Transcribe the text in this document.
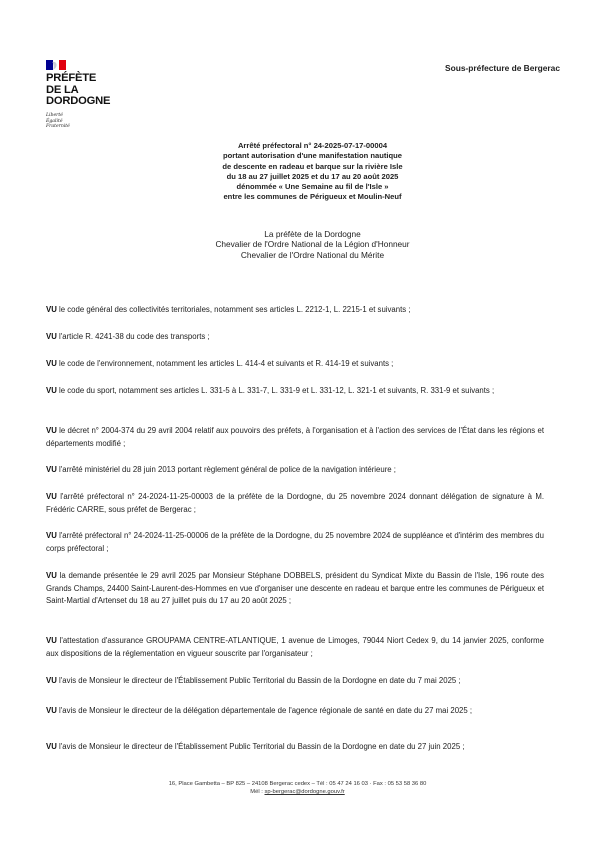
PRÉFÈTE
DE LA
DORDOGNE
Liberté
Égalité
Fraternité
Sous-préfecture de Bergerac
Arrêté préfectoral n° 24-2025-07-17-00004
portant autorisation d'une manifestation nautique
de descente en radeau et barque sur la rivière Isle
du 18 au 27 juillet 2025 et du 17 au 20 août 2025
dénommée « Une Semaine au fil de l'Isle »
entre les communes de Périgueux et Moulin-Neuf
La préfète de la Dordogne
Chevalier de l'Ordre National de la Légion d'Honneur
Chevalier de l'Ordre National du Mérite
VU le code général des collectivités territoriales, notamment ses articles L. 2212-1, L. 2215-1 et suivants ;
VU l'article R. 4241-38 du code des transports ;
VU le code de l'environnement, notamment les articles L. 414-4 et suivants et R. 414-19 et suivants ;
VU le code du sport, notamment ses articles L. 331-5 à L. 331-7, L. 331-9 et L. 331-12, L. 321-1 et suivants, R. 331-9 et suivants ;
VU le décret n° 2004-374 du 29 avril 2004 relatif aux pouvoirs des préfets, à l'organisation et à l'action des services de l'État dans les régions et départements modifié ;
VU l'arrêté ministériel du 28 juin 2013 portant règlement général de police de la navigation intérieure ;
VU l'arrêté préfectoral n° 24-2024-11-25-00003 de la préfète de la Dordogne, du 25 novembre 2024 donnant délégation de signature à M. Frédéric CARRE, sous préfet de Bergerac ;
VU l'arrêté préfectoral n° 24-2024-11-25-00006 de la préfète de la Dordogne, du 25 novembre 2024 de suppléance et d'intérim des membres du corps préfectoral ;
VU la demande présentée le 29 avril 2025 par Monsieur Stéphane DOBBELS, président du Syndicat Mixte du Bassin de l'Isle, 196 route des Grands Champs, 24400 Saint-Laurent-des-Hommes en vue d'organiser une descente en radeau et barque entre les communes de Périgueux et Saint-Martial d'Artenset du 18 au 27 juillet puis du 17 au 20 août 2025 ;
VU l'attestation d'assurance GROUPAMA CENTRE-ATLANTIQUE, 1 avenue de Limoges, 79044 Niort Cedex 9, du 14 janvier 2025, conforme aux dispositions de la réglementation en vigueur souscrite par l'organisateur ;
VU l'avis de Monsieur le directeur de l'Établissement Public Territorial du Bassin de la Dordogne en date du 7 mai 2025 ;
VU l'avis de Monsieur le directeur de la délégation départementale de l'agence régionale de santé en date du 27 mai 2025 ;
VU l'avis de Monsieur le directeur de l'Établissement Public Territorial du Bassin de la Dordogne en date du 27 juin 2025 ;
16, Place Gambetta – BP 825 – 24108 Bergerac cedex – Tél : 05 47 24 16 03 · Fax : 05 53 58 36 80
Mél : sp-bergerac@dordogne.gouv.fr
